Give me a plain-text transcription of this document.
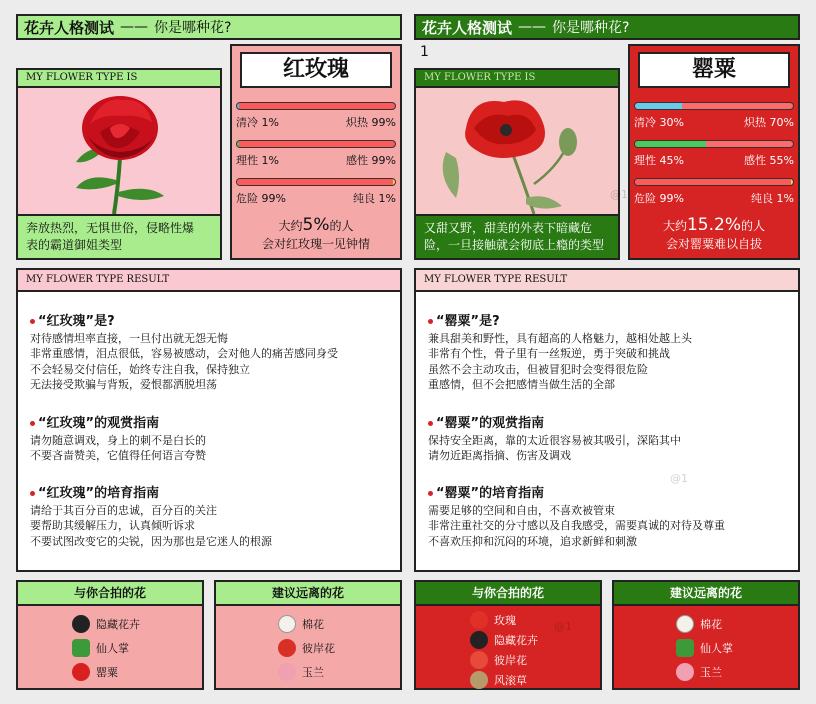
花卉人格测试 —— 你是哪种花?
MY FLOWER TYPE IS
奔放热烈，无惧世俗，侵略性爆
表的霸道御姐类型
红玫瑰
清冷 1%	炽热 99%
理性 1%	感性 99%
危险 99%	纯良 1%
大约5%的人
会对红玫瑰一见钟情
MY FLOWER TYPE RESULT
“红玫瑰”是?
对待感情坦率直接，一旦付出就无怨无悔
非常重感情，泪点很低，容易被感动，会对他人的痛苦感同身受
不会轻易交付信任，始终专注自我，保持独立
无法接受欺骗与背叛，爱恨都洒脱坦荡
“红玫瑰”的观赏指南
请勿随意调戏，身上的刺不是白长的
不要吝啬赞美，它值得任何语言夸赞
“红玫瑰”的培育指南
请给于其百分百的忠诚，百分百的关注
要帮助其缓解压力，认真倾听诉求
不要试图改变它的尖锐，因为那也是它迷人的根源
与你合拍的花
隐藏花卉
仙人掌
罂粟
建议远离的花
棉花
彼岸花
玉兰
花卉人格测试 —— 你是哪种花?
1
MY FLOWER TYPE IS
又甜又野，甜美的外表下暗藏危
险，一旦接触就会彻底上瘾的类型
罂粟
清冷 30%	炽热 70%
理性 45%	感性 55%
危险 99%	纯良 1%
大约15.2%的人
会对罂粟难以自拔
MY FLOWER TYPE RESULT
“罂粟”是?
兼具甜美和野性，具有超高的人格魅力，越相处越上头
非常有个性，骨子里有一丝叛逆，勇于突破和挑战
虽然不会主动攻击，但被冒犯时会变得很危险
重感情，但不会把感情当做生活的全部
“罂粟”的观赏指南
保持安全距离，靠的太近很容易被其吸引，深陷其中
请勿近距离指摘、伤害及调戏
“罂粟”的培育指南
需要足够的空间和自由，不喜欢被管束
非常注重社交的分寸感以及自我感受，需要真诚的对待及尊重
不喜欢压抑和沉闷的环境，追求新鲜和刺激
与你合拍的花
玫瑰
隐藏花卉
彼岸花
风滚草
建议远离的花
棉花
仙人掌
玉兰
@1
@1
@1
